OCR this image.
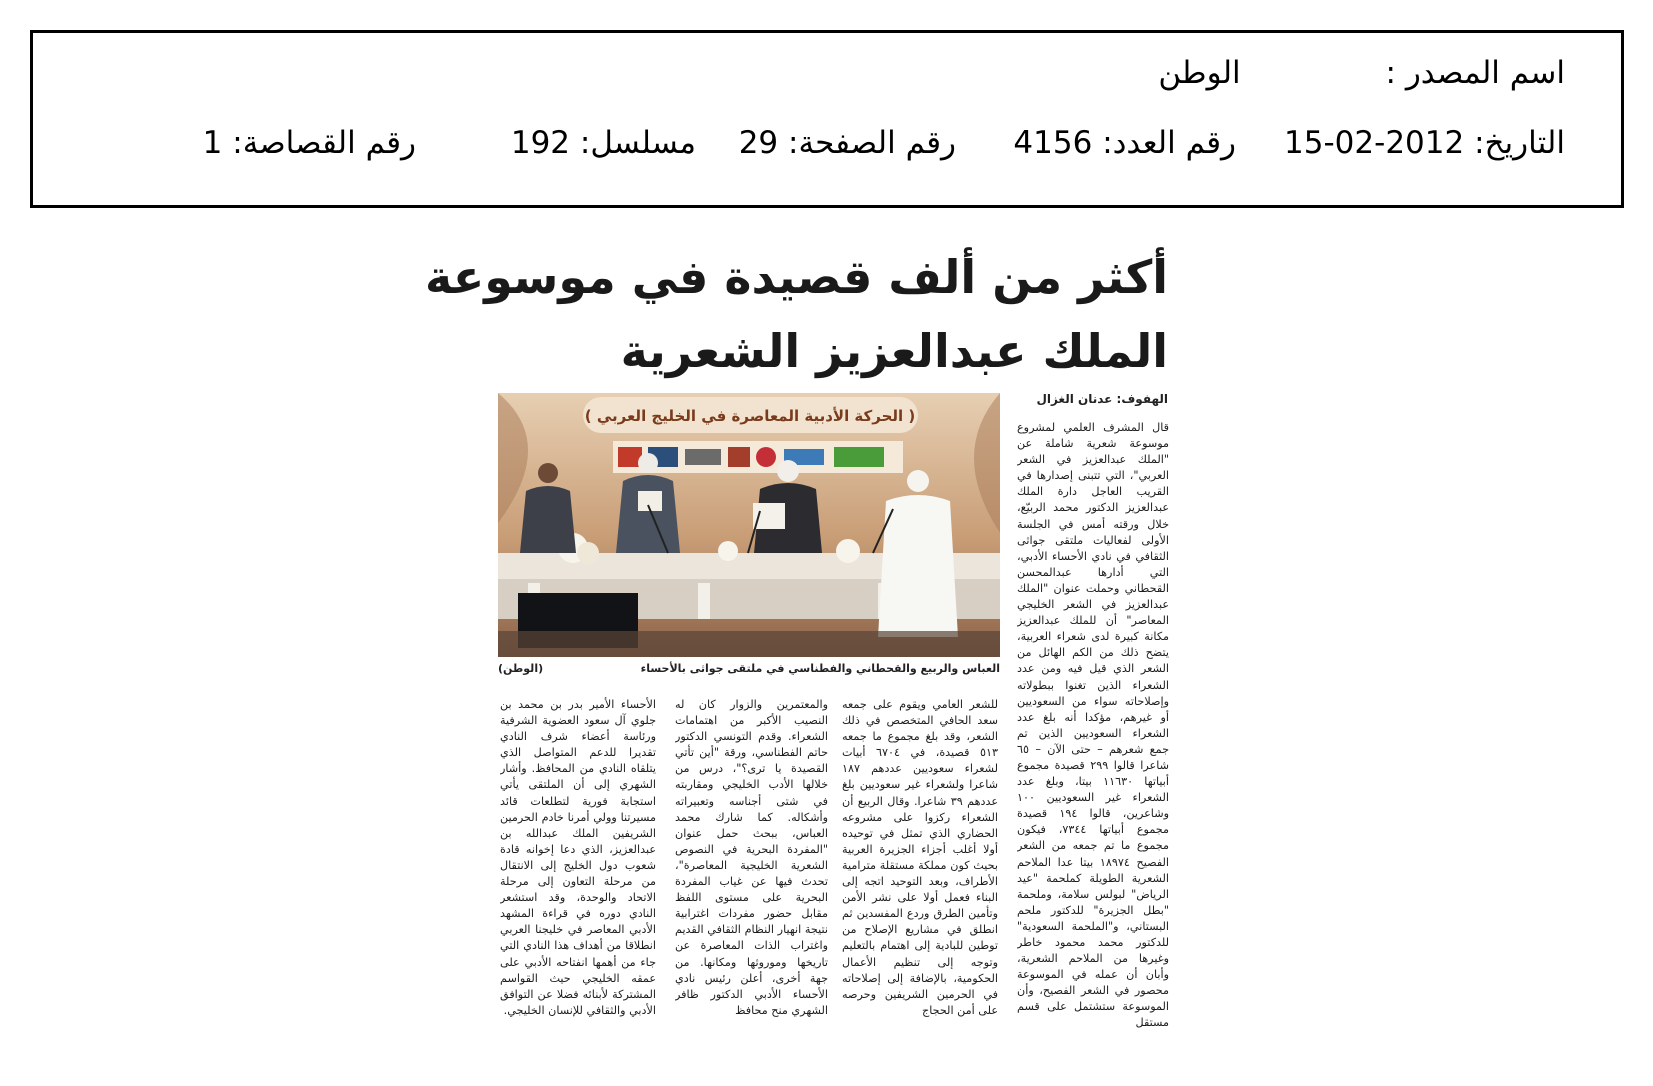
اسم المصدر : الوطن
التاريخ: 2012-02-15
رقم العدد: 4156
رقم الصفحة: 29
مسلسل: 192
رقم القصاصة: 1
أكثر من ألف قصيدة في موسوعة
الملك عبدالعزيز الشعرية
الهفوف: عدنان الغزال
( الحركة الأدبية المعاصرة في الخليج العربي )
العباس والربيع والقحطاني والفطناسي في ملتقى جواثى بالأحساء
(الوطن)

قال المشرف العلمي لمشروع موسوعة شعرية شاملة عن "الملك عبدالعزيز في الشعر العربي"، التي تتبنى إصدارها في القريب العاجل دارة الملك عبدالعزيز الدكتور محمد الربيّع، خلال ورقته أمس في الجلسة الأولى لفعاليات ملتقى جواثى الثقافي في نادي الأحساء الأدبي، التي أدارها عبدالمحسن القحطاني وحملت عنوان "الملك عبدالعزيز في الشعر الخليجي المعاصر" أن للملك عبدالعزيز مكانة كبيرة لدى شعراء العربية، يتضح ذلك من الكم الهائل من الشعر الذي قيل فيه ومن عدد الشعراء الذين تغنوا ببطولاته وإصلاحاته سواء من السعوديين أو غيرهم، مؤكدا أنه بلغ عدد الشعراء السعوديين الذين تم جمع شعرهم – حتى الآن – ٦٥ شاعرا قالوا ٢٩٩ قصيدة مجموع أبياتها ١١٦٣٠ بيتا، وبلغ عدد الشعراء غير السعوديين ١٠٠ وشاعرين، قالوا ١٩٤ قصيدة مجموع أبياتها ٧٣٤٤، فيكون مجموع ما تم جمعه من الشعر الفصيح ١٨٩٧٤ بيتا عدا الملاحم الشعرية الطويلة كملحمة "عيد الرياض" لبولس سلامة، وملحمة "بطل الجزيرة" للدكتور ملحم البستاني، و"الملحمة السعودية" للدكتور محمد محمود خاطر وغيرها من الملاحم الشعرية، وأبان أن عمله في الموسوعة محصور في الشعر الفصيح، وأن الموسوعة ستشتمل على قسم مستقل

للشعر العامي ويقوم على جمعه سعد الحافي المتخصص في ذلك الشعر، وقد بلغ مجموع ما جمعه ٥١٣ قصيدة، في ٦٧٠٤ أبيات لشعراء سعوديين عددهم ١٨٧ شاعرا ولشعراء غير سعوديين بلغ عددهم ٣٩ شاعرا. وقال الربيع أن الشعراء ركزوا على مشروعه الحضاري الذي تمثل في توحيده أولا أغلب أجزاء الجزيرة العربية بحيث كون مملكة مستقلة مترامية الأطراف، وبعد التوحيد اتجه إلى البناء فعمل أولا على نشر الأمن وتأمين الطرق وردع المفسدين ثم انطلق في مشاريع الإصلاح من توطين للبادية إلى اهتمام بالتعليم وتوجه إلى تنظيم الأعمال الحكومية، بالإضافة إلى إصلاحاته في الحرمين الشريفين وحرصه على أمن الحجاج

والمعتمرين والزوار كان له النصيب الأكبر من اهتمامات الشعراء. وقدم التونسي الدكتور حاتم الفطناسي، ورقة "أين تأتي القصيدة يا ترى؟"، درس من خلالها الأدب الخليجي ومقاربته في شتى أجناسه وتعبيراته وأشكاله. كما شارك محمد العباس، ببحث حمل عنوان "المفردة البحرية في النصوص الشعرية الخليجية المعاصرة"، تحدث فيها عن غياب المفردة البحرية على مستوى اللفظ مقابل حضور مفردات اغترابية نتيجة انهيار النظام الثقافي القديم واغتراب الذات المعاصرة عن تاريخها وموروثها ومكانها. من جهة أخرى، أعلن رئيس نادي الأحساء الأدبي الدكتور ظافر الشهري منح محافظ

الأحساء الأمير بدر بن محمد بن جلوي آل سعود العضوية الشرفية ورئاسة أعضاء شرف النادي تقديرا للدعم المتواصل الذي يتلقاه النادي من المحافظ. وأشار الشهري إلى أن الملتقى يأتي استجابة فورية لتطلعات قائد مسيرتنا وولي أمرنا خادم الحرمين الشريفين الملك عبدالله بن عبدالعزيز، الذي دعا إخوانه قادة شعوب دول الخليج إلى الانتقال من مرحلة التعاون إلى مرحلة الاتحاد والوحدة، وقد استشعر النادي دوره في قراءة المشهد الأدبي المعاصر في خليجنا العربي انطلاقا من أهداف هذا النادي التي جاء من أهمها انفتاحه الأدبي على عمقه الخليجي حيث القواسم المشتركة لأبنائه فضلا عن التوافق الأدبي والثقافي للإنسان الخليجي.
